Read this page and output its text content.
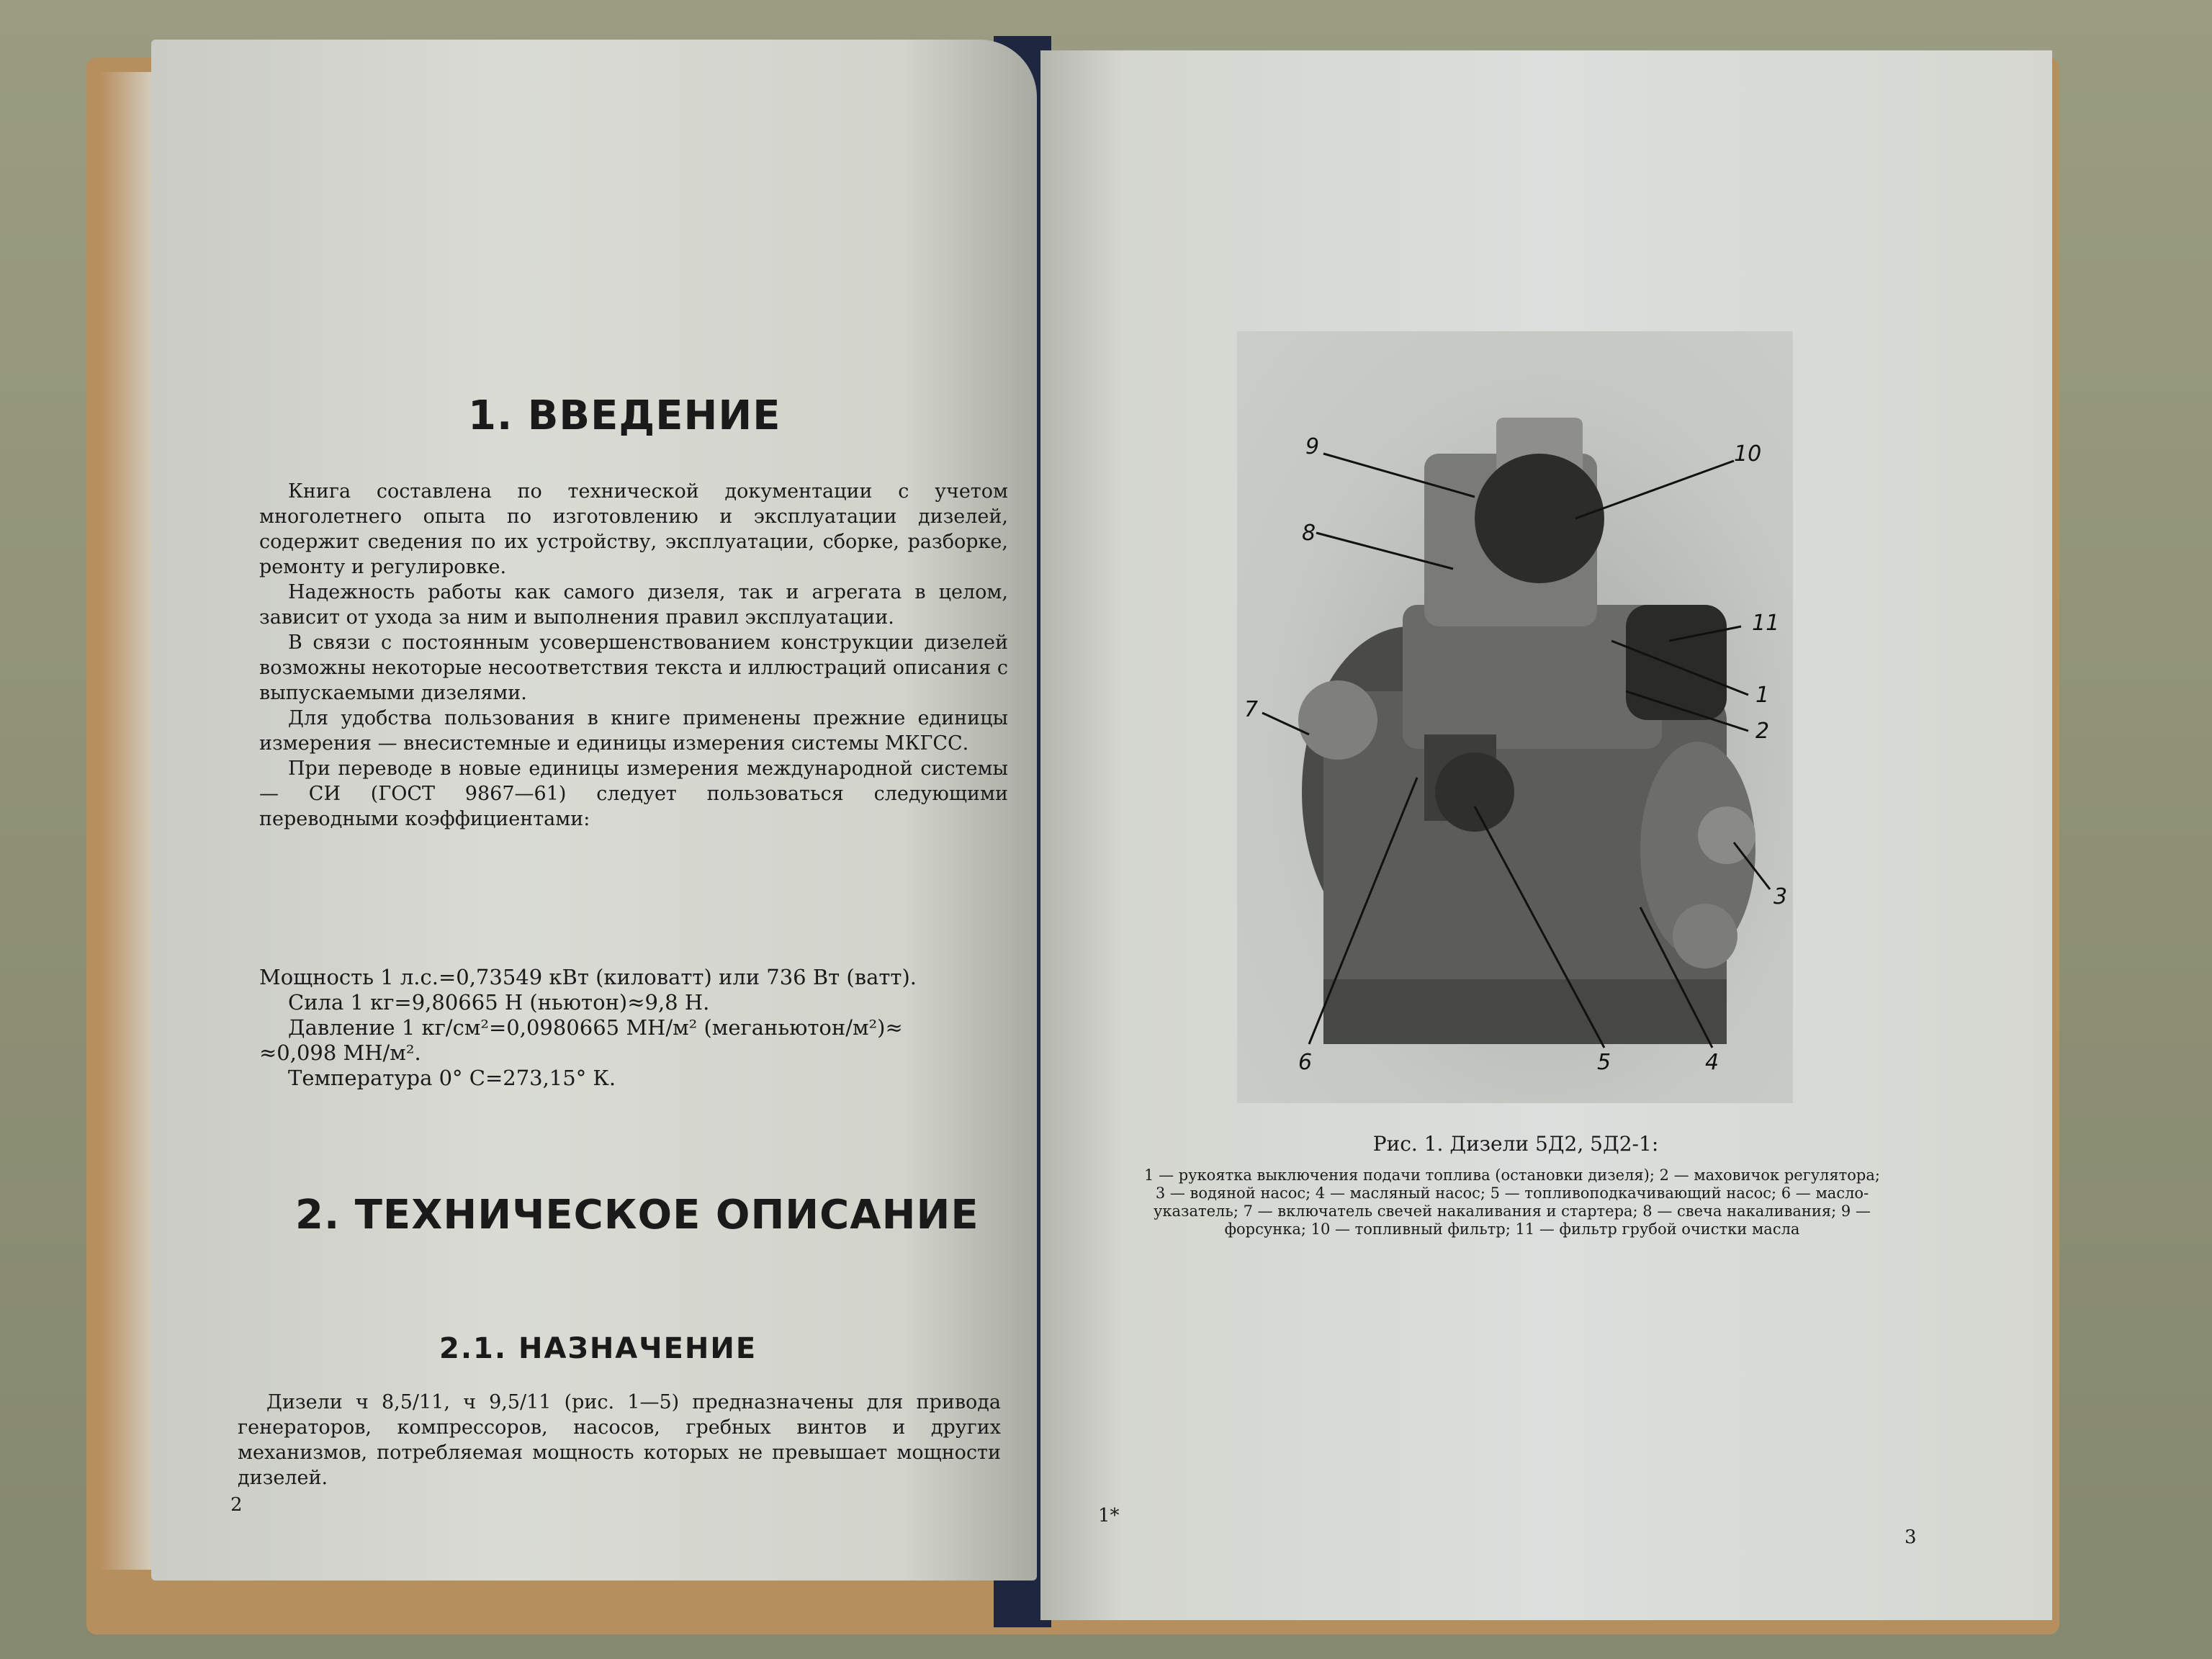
1. ВВЕДЕНИЕ

Книга составлена по технической документации с учетом многолетнего опыта по изготовлению и эксплуатации дизелей, содержит сведения по их устройству, эксплуатации, сборке, разборке, ремонту и регулировке.

Надежность работы как самого дизеля, так и агрегата в целом, зависит от ухода за ним и выполнения правил эксплуатации.

В связи с постоянным усовершенствованием конструкции дизелей возможны некоторые несоответствия текста и иллюстраций описания с выпускаемыми дизелями.

Для удобства пользования в книге применены прежние единицы измерения — внесистемные и единицы измерения системы МКГСС.

При переводе в новые единицы измерения международной системы — СИ (ГОСТ 9867—61) следует пользоваться следующими переводными коэффициентами:

Мощность 1 л.с.=0,73549 кВт (киловатт) или 736 Вт (ватт).
Сила 1 кг=9,80665 Н (ньютон)≈9,8 Н.
Давление 1 кг/см²=0,0980665 МН/м² (меганьютон/м²)≈
≈0,098 МН/м².
Температура 0° С=273,15° К.
2. ТЕХНИЧЕСКОЕ ОПИСАНИЕ
2.1. НАЗНАЧЕНИЕ

Дизели ч 8,5/11, ч 9,5/11 (рис. 1—5) предназначены для привода генераторов, компрессоров, насосов, гребных винтов и других механизмов, потребляемая мощность которых не превышает мощности дизелей.

2
9	10
8
11
1
2
7
3
6	5	4
Рис. 1. Дизели 5Д2, 5Д2-1:
1 — рукоятка выключения подачи топлива (остановки дизеля); 2 — маховичок регулятора;
3 — водяной насос; 4 — масляный насос; 5 — топливоподкачивающий насос; 6 — масло-
указатель; 7 — включатель свечей накаливания и стартера; 8 — свеча накаливания; 9 —
форсунка; 10 — топливный фильтр; 11 — фильтр грубой очистки масла
1*
3
